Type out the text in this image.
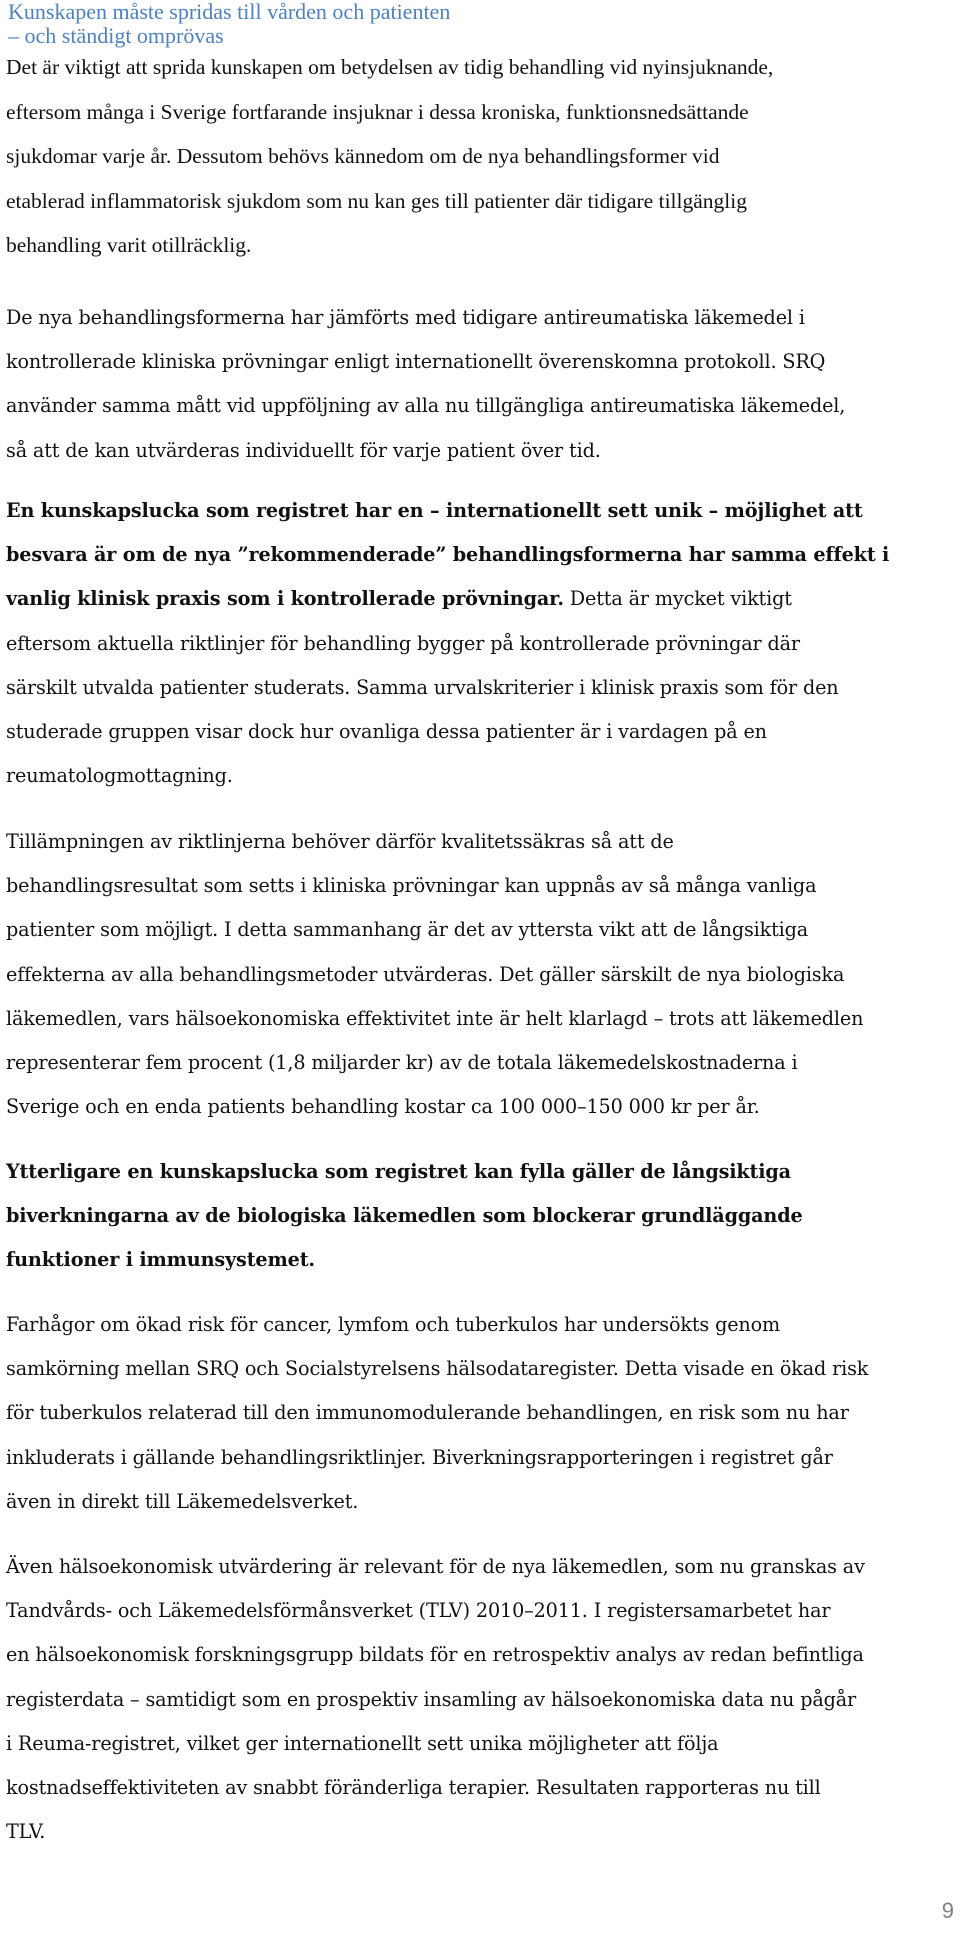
Kunskapen måste spridas till vården och patienten
– och ständigt omprövas
Det är viktigt att sprida kunskapen om betydelsen av tidig behandling vid nyinsjuknande,
eftersom många i Sverige fortfarande insjuknar i dessa kroniska, funktionsnedsättande
sjukdomar varje år. Dessutom behövs kännedom om de nya behandlingsformer vid
etablerad inflammatorisk sjukdom som nu kan ges till patienter där tidigare tillgänglig
behandling varit otillräcklig.
De nya behandlingsformerna har jämförts med tidigare antireumatiska läkemedel i
kontrollerade kliniska prövningar enligt internationellt överenskomna protokoll. SRQ
använder samma mått vid uppföljning av alla nu tillgängliga antireumatiska läkemedel,
så att de kan utvärderas individuellt för varje patient över tid.
En kunskapslucka som registret har en – internationellt sett unik – möjlighet att
besvara är om de nya ”rekommenderade” behandlingsformerna har samma effekt i
vanlig klinisk praxis som i kontrollerade prövningar. Detta är mycket viktigt
eftersom aktuella riktlinjer för behandling bygger på kontrollerade prövningar där
särskilt utvalda patienter studerats. Samma urvalskriterier i klinisk praxis som för den
studerade gruppen visar dock hur ovanliga dessa patienter är i vardagen på en
reumatologmottagning.
Tillämpningen av riktlinjerna behöver därför kvalitetssäkras så att de
behandlingsresultat som setts i kliniska prövningar kan uppnås av så många vanliga
patienter som möjligt. I detta sammanhang är det av yttersta vikt att de långsiktiga
effekterna av alla behandlingsmetoder utvärderas. Det gäller särskilt de nya biologiska
läkemedlen, vars hälsoekonomiska effektivitet inte är helt klarlagd – trots att läkemedlen
representerar fem procent (1,8 miljarder kr) av de totala läkemedelskostnaderna i
Sverige och en enda patients behandling kostar ca 100 000–150 000 kr per år.
Ytterligare en kunskapslucka som registret kan fylla gäller de långsiktiga
biverkningarna av de biologiska läkemedlen som blockerar grundläggande
funktioner i immunsystemet.
Farhågor om ökad risk för cancer, lymfom och tuberkulos har undersökts genom
samkörning mellan SRQ och Socialstyrelsens hälsodataregister. Detta visade en ökad risk
för tuberkulos relaterad till den immunomodulerande behandlingen, en risk som nu har
inkluderats i gällande behandlingsriktlinjer. Biverkningsrapporteringen i registret går
även in direkt till Läkemedelsverket.
Även hälsoekonomisk utvärdering är relevant för de nya läkemedlen, som nu granskas av
Tandvårds- och Läkemedelsförmånsverket (TLV) 2010–2011. I registersamarbetet har
en hälsoekonomisk forskningsgrupp bildats för en retrospektiv analys av redan befintliga
registerdata – samtidigt som en prospektiv insamling av hälsoekonomiska data nu pågår
i Reuma-registret, vilket ger internationellt sett unika möjligheter att följa
kostnadseffektiviteten av snabbt föränderliga terapier. Resultaten rapporteras nu till
TLV.
9
